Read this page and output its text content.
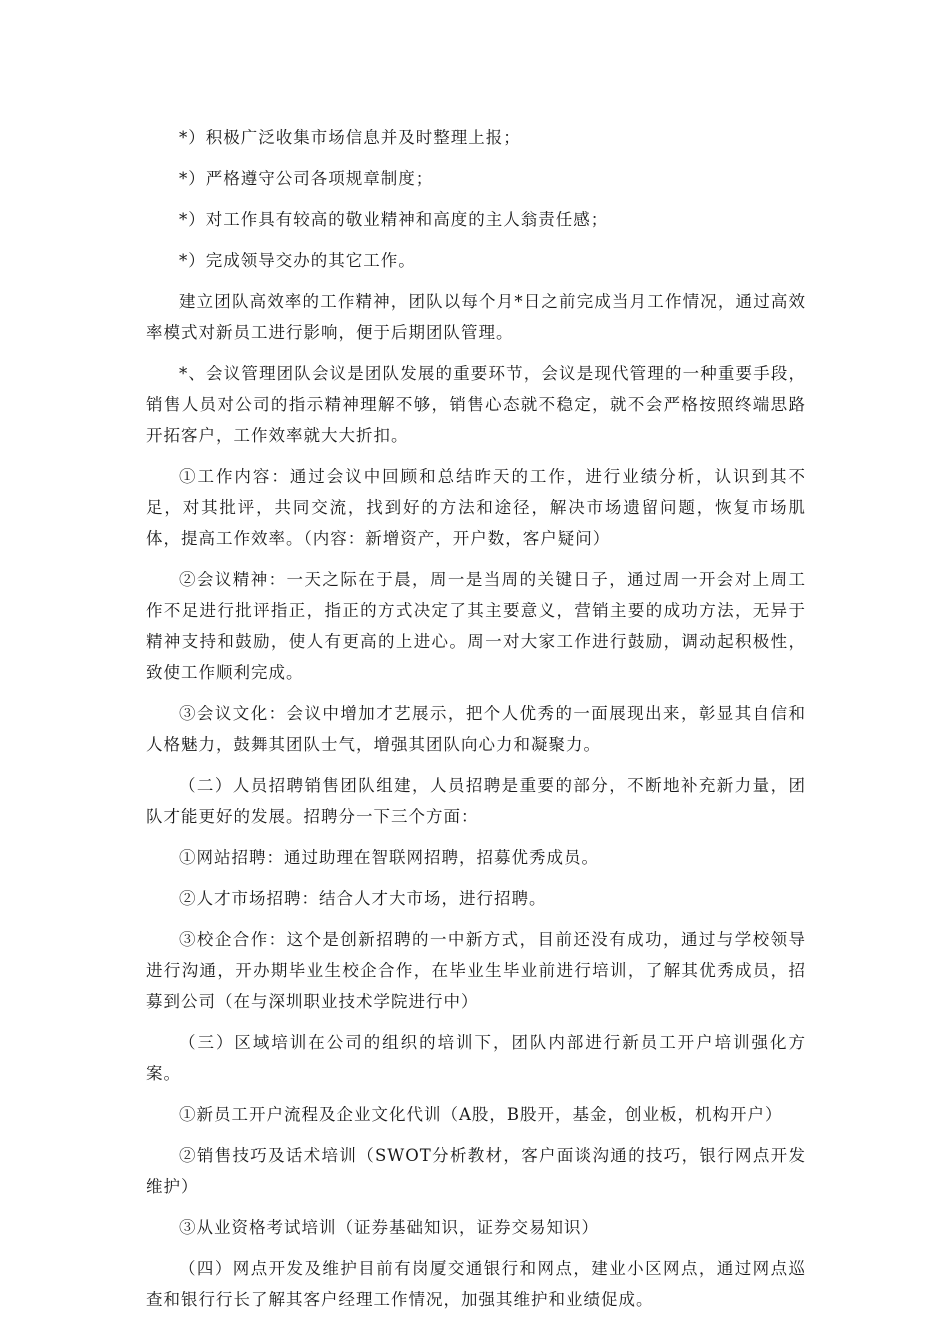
*）积极广泛收集市场信息并及时整理上报；

*）严格遵守公司各项规章制度；

*）对工作具有较高的敬业精神和高度的主人翁责任感；

*）完成领导交办的其它工作。

建立团队高效率的工作精神，团队以每个月*日之前完成当月工作情况，通过高效率模式对新员工进行影响，便于后期团队管理。

*、会议管理团队会议是团队发展的重要环节，会议是现代管理的一种重要手段，销售人员对公司的指示精神理解不够，销售心态就不稳定，就不会严格按照终端思路开拓客户，工作效率就大大折扣。

①工作内容：通过会议中回顾和总结昨天的工作，进行业绩分析，认识到其不足，对其批评，共同交流，找到好的方法和途径，解决市场遗留问题，恢复市场肌体，提高工作效率。（内容：新增资产，开户数，客户疑问）

②会议精神：一天之际在于晨，周一是当周的关键日子，通过周一开会对上周工作不足进行批评指正，指正的方式决定了其主要意义，营销主要的成功方法，无异于精神支持和鼓励，使人有更高的上进心。周一对大家工作进行鼓励，调动起积极性，致使工作顺利完成。

③会议文化：会议中增加才艺展示，把个人优秀的一面展现出来，彰显其自信和人格魅力，鼓舞其团队士气，增强其团队向心力和凝聚力。

（二）人员招聘销售团队组建，人员招聘是重要的部分，不断地补充新力量，团队才能更好的发展。招聘分一下三个方面：

①网站招聘：通过助理在智联网招聘，招募优秀成员。

②人才市场招聘：结合人才大市场，进行招聘。

③校企合作：这个是创新招聘的一中新方式，目前还没有成功，通过与学校领导进行沟通，开办期毕业生校企合作，在毕业生毕业前进行培训，了解其优秀成员，招募到公司（在与深圳职业技术学院进行中）

（三）区域培训在公司的组织的培训下，团队内部进行新员工开户培训强化方案。

①新员工开户流程及企业文化代训（A股，B股开，基金，创业板，机构开户）

②销售技巧及话术培训（SWOT分析教材，客户面谈沟通的技巧，银行网点开发维护）

③从业资格考试培训（证券基础知识，证券交易知识）

（四）网点开发及维护目前有岗厦交通银行和网点，建业小区网点，通过网点巡查和银行行长了解其客户经理工作情况，加强其维护和业绩促成。
